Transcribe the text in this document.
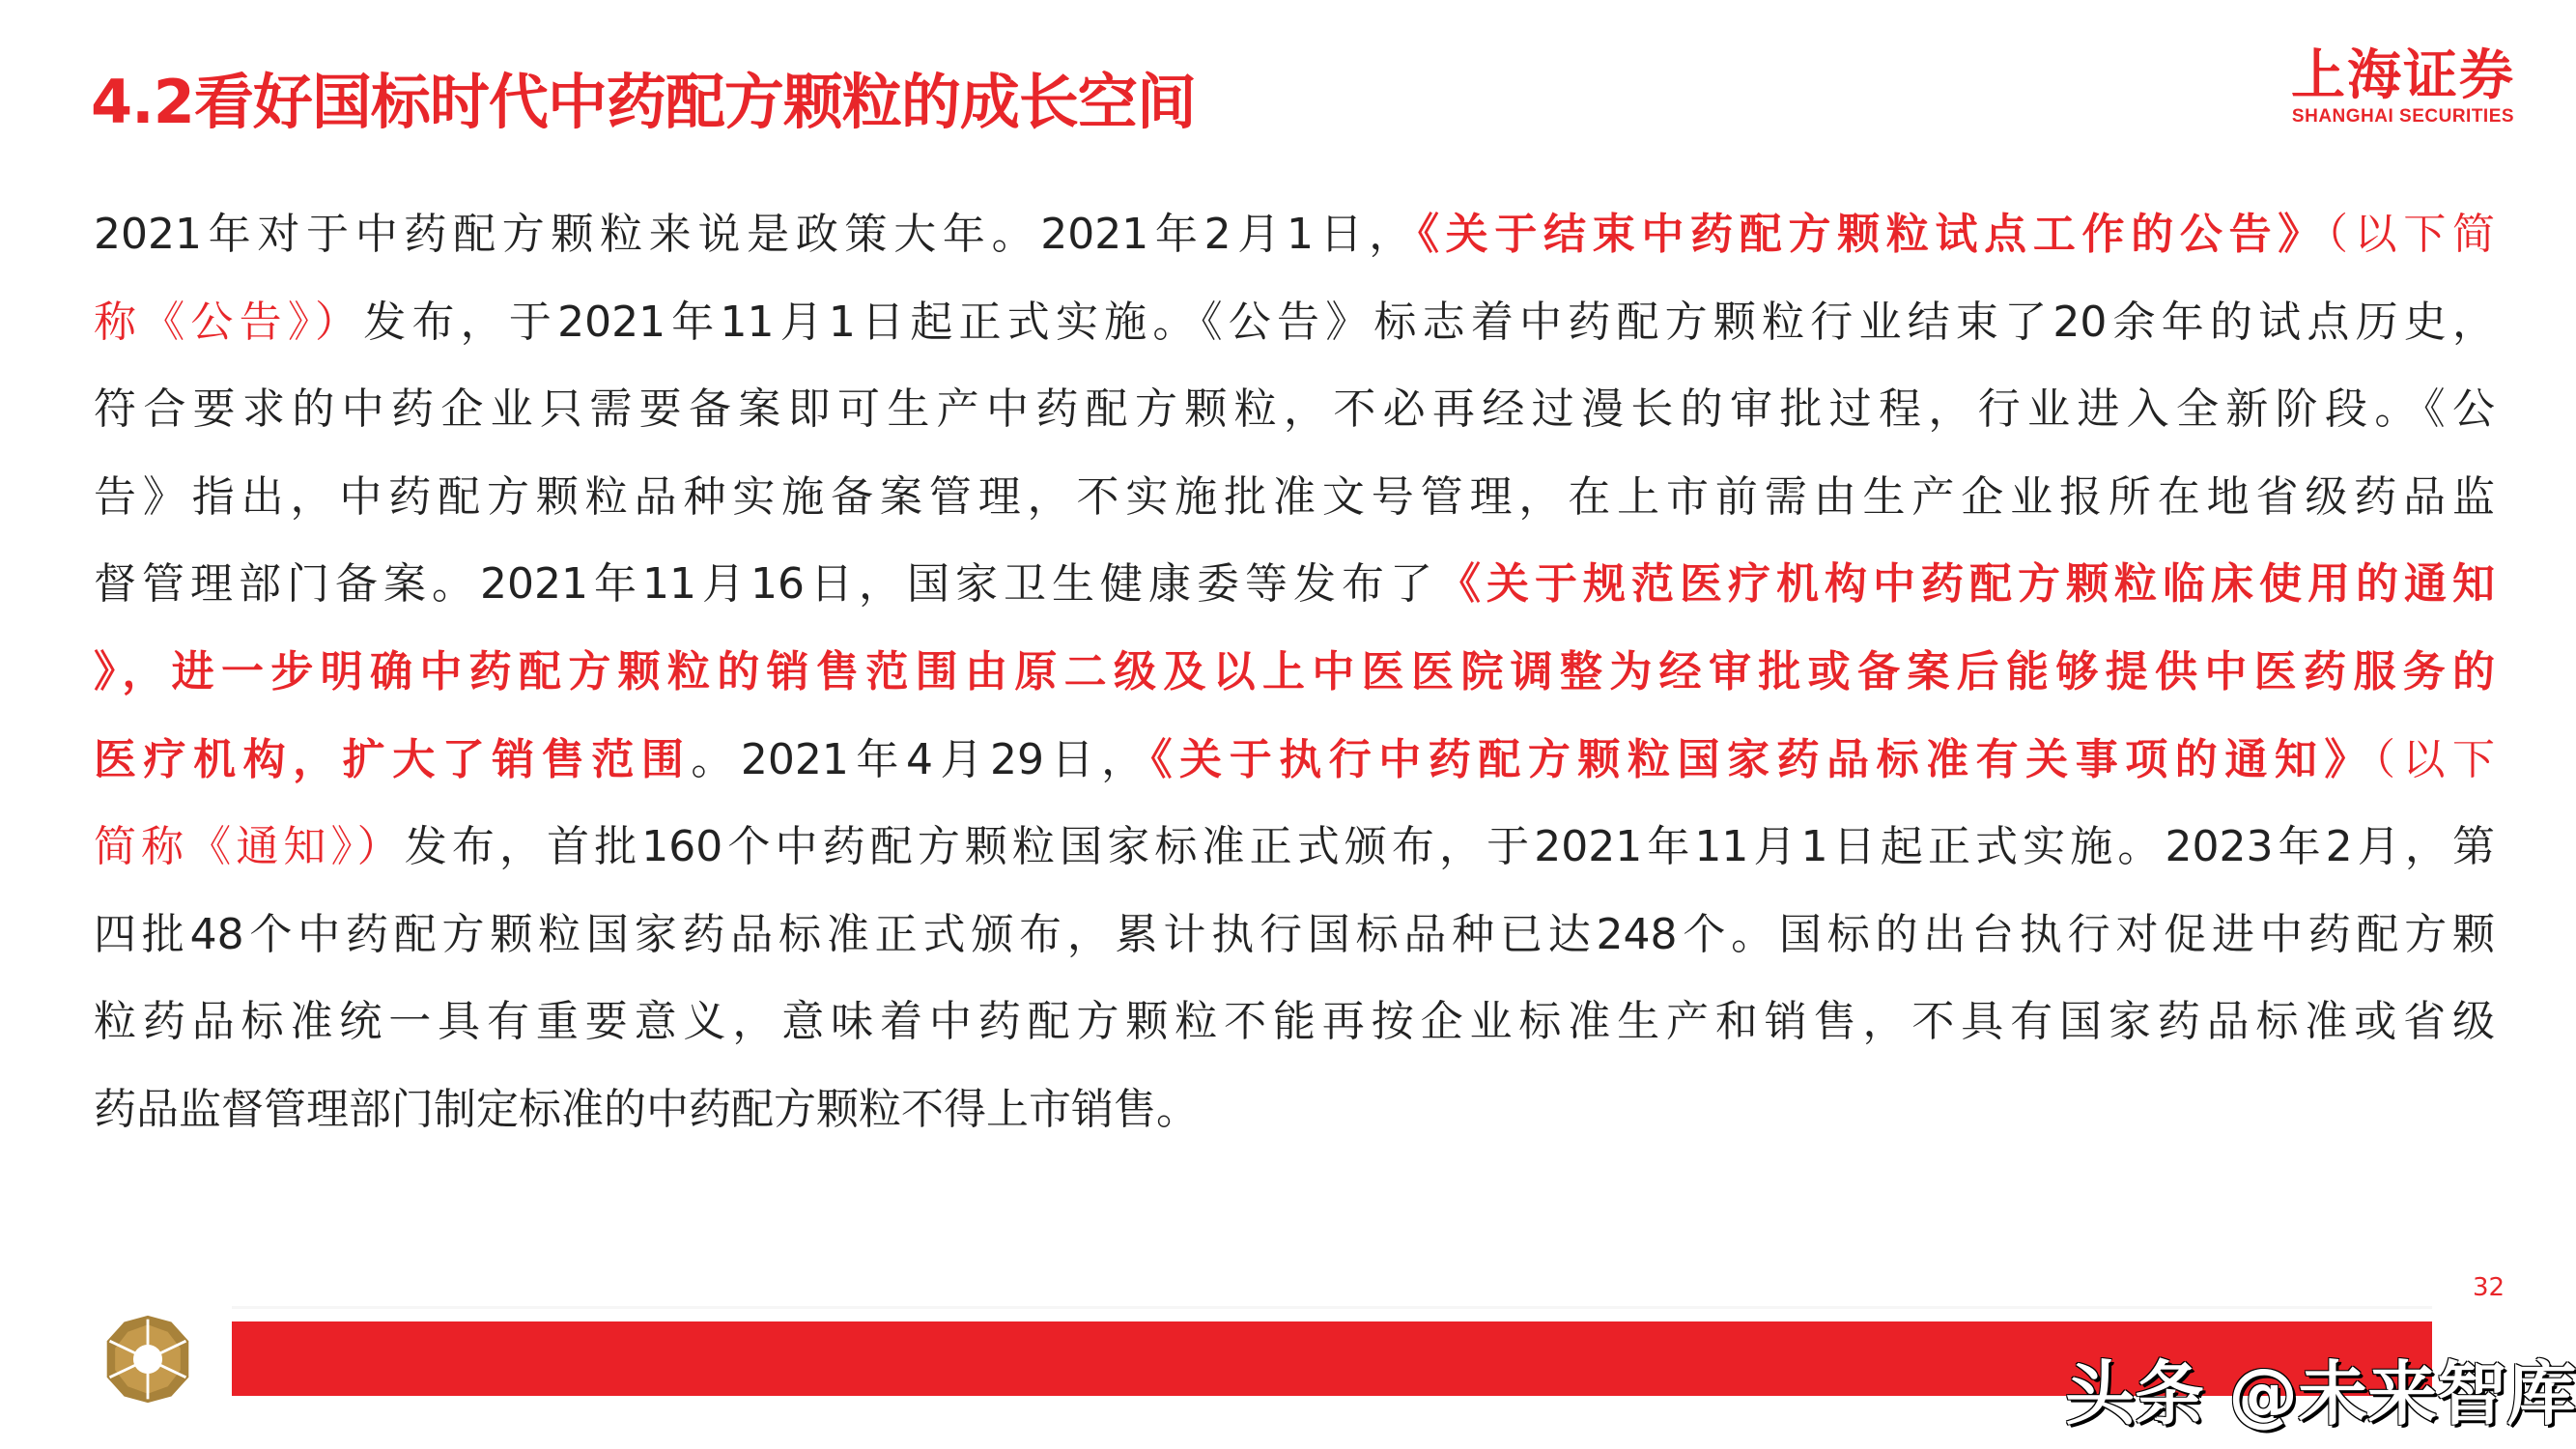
4.2看好国标时代中药配方颗粒的成长空间	上海证券
SHANGHAI SECURITIES
2021年对于中药配方颗粒来说是政策大年。2021年2月1日，《关于结束中药配方颗粒试点工作的公告》（以下简
称《公告》）发布，于2021年11月1日起正式实施。《公告》标志着中药配方颗粒行业结束了20余年的试点历史，
符合要求的中药企业只需要备案即可生产中药配方颗粒，不必再经过漫长的审批过程，行业进入全新阶段。《公
告》指出，中药配方颗粒品种实施备案管理，不实施批准文号管理，在上市前需由生产企业报所在地省级药品监
督管理部门备案。2021年11月16日，国家卫生健康委等发布了《关于规范医疗机构中药配方颗粒临床使用的通知
》，进一步明确中药配方颗粒的销售范围由原二级及以上中医医院调整为经审批或备案后能够提供中医药服务的
医疗机构，扩大了销售范围。2021年4月29日，《关于执行中药配方颗粒国家药品标准有关事项的通知》（以下
简称《通知》）发布，首批160个中药配方颗粒国家标准正式颁布，于2021年11月1日起正式实施。2023年2月，第
四批48个中药配方颗粒国家药品标准正式颁布，累计执行国标品种已达248个。国标的出台执行对促进中药配方颗
粒药品标准统一具有重要意义，意味着中药配方颗粒不能再按企业标准生产和销售，不具有国家药品标准或省级
药品监督管理部门制定标准的中药配方颗粒不得上市销售。
32
头条 @未来智库
